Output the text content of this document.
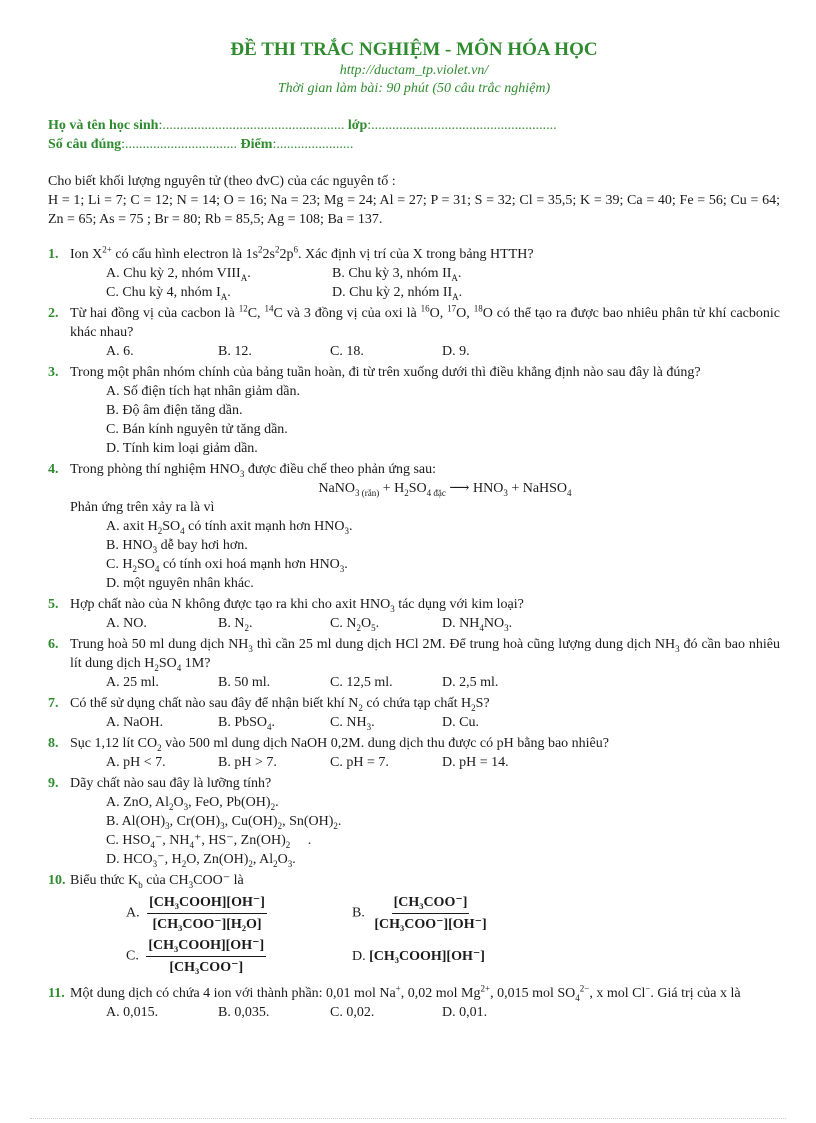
ĐỀ THI TRẮC NGHIỆM - MÔN HÓA HỌC
http://ductam_tp.violet.vn/
Thời gian làm bài: 90 phút (50 câu trắc nghiệm)
Họ và tên học sinh:.................................................... lớp:.....................................................
Số câu đúng:................................ Điểm:......................
Cho biết khối lượng nguyên tử (theo đvC) của các nguyên tố :
H = 1; Li = 7; C = 12; N = 14; O = 16; Na = 23; Mg = 24; Al = 27; P = 31; S = 32; Cl = 35,5; K = 39; Ca = 40; Fe = 56; Cu = 64; Zn = 65; As = 75 ; Br = 80; Rb = 85,5; Ag = 108; Ba = 137.
1. Ion $X^{2+}$ có cấu hình electron là $1s^22s^22p^6$. Xác định vị trí của X trong bảng HTTH?
A. Chu kỳ 2, nhóm $VIII_A$.	B. Chu kỳ 3, nhóm $II_A$.
C. Chu kỳ 4, nhóm $I_A$.	D. Chu kỳ 2, nhóm $II_A$.
2. Từ hai đồng vị của cacbon là $^{12}$C, $^{14}$C và 3 đồng vị của oxi là $^{16}$O, $^{17}$O, $^{18}$O có thể tạo ra được bao nhiêu phân tử khí cacbonic khác nhau?
A. 6.	B. 12.	C. 18.	D. 9.
3. Trong một phân nhóm chính của bảng tuần hoàn, đi từ trên xuống dưới thì điều khẳng định nào sau đây là đúng?
A. Số điện tích hạt nhân giảm dần.
B. Độ âm điện tăng dần.
C. Bán kính nguyên tử tăng dần.
D. Tính kim loại giảm dần.
4. Trong phòng thí nghiệm $HNO_3$ được điều chế theo phản ứng sau:
NaNO$_{3 (rắn)}$ + $H_2SO_{4 đặc}$ ⟶ $HNO_3$ + NaHSO$_4$
Phản ứng trên xảy ra là vì
A. axit $H_2SO_4$ có tính axit mạnh hơn $HNO_3$.
B. $HNO_3$ dễ bay hơi hơn.
C. $H_2SO_4$ có tính oxi hoá mạnh hơn $HNO_3$.
D. một nguyên nhân khác.
5. Hợp chất nào của N không được tạo ra khi cho axit $HNO_3$ tác dụng với kim loại?
A. NO.	B. $N_2$.	C. $N_2O_5$.	D. $NH_4NO_3$.
6. Trung hoà 50 ml dung dịch $NH_3$ thì cần 25 ml dung dịch HCl 2M. Để trung hoà cũng lượng dung dịch $NH_3$ đó cần bao nhiêu lít dung dịch $H_2SO_4$ 1M?
A. 25 ml.	B. 50 ml.	C. 12,5 ml.	D. 2,5 ml.
7. Có thể sử dụng chất nào sau đây để nhận biết khí $N_2$ có chứa tạp chất $H_2S$?
A. NaOH.	B. PbSO$_4$.	C. $NH_3$.	D. Cu.
8. Sục 1,12 lít $CO_2$ vào 500 ml dung dịch NaOH 0,2M. dung dịch thu được có pH bằng bao nhiêu?
A. pH < 7.	B. pH > 7.	C. pH = 7.	D. pH = 14.
9. Dãy chất nào sau đây là lưỡng tính?
A. ZnO, $Al_2O_3$, FeO, $Pb(OH)_2$.
B. $Al(OH)_3$, $Cr(OH)_3$, $Cu(OH)_2$, $Sn(OH)_2$.
C. $HSO_4^-$, $NH_4^+$, HS⁻, $Zn(OH)_2$     .
D. $HCO_3^-$, $H_2O$, $Zn(OH)_2$, $Al_2O_3$.
10. Biểu thức $K_b$ của $CH_3COO^-$ là
A. $\frac{\text{[CH₃COOH][OH⁻]}}{\text{[CH₃COO⁻][H₂O]}}$	B. $\frac{\text{[CH₃COO⁻]}}{\text{[CH₃COO⁻][OH⁻]}}$
C. $\frac{\text{[CH₃COOH][OH⁻]}}{\text{[CH₃COO⁻]}}$	D. [CH₃COOH][OH⁻]
11. Một dung dịch có chứa 4 ion với thành phần: 0,01 mol Na+, 0,02 mol $Mg^{2+}$, 0,015 mol $SO_4^{2-}$, x mol Cl−. Giá trị của x là
A. 0,015.	B. 0,035.	C. 0,02.	D. 0,01.
